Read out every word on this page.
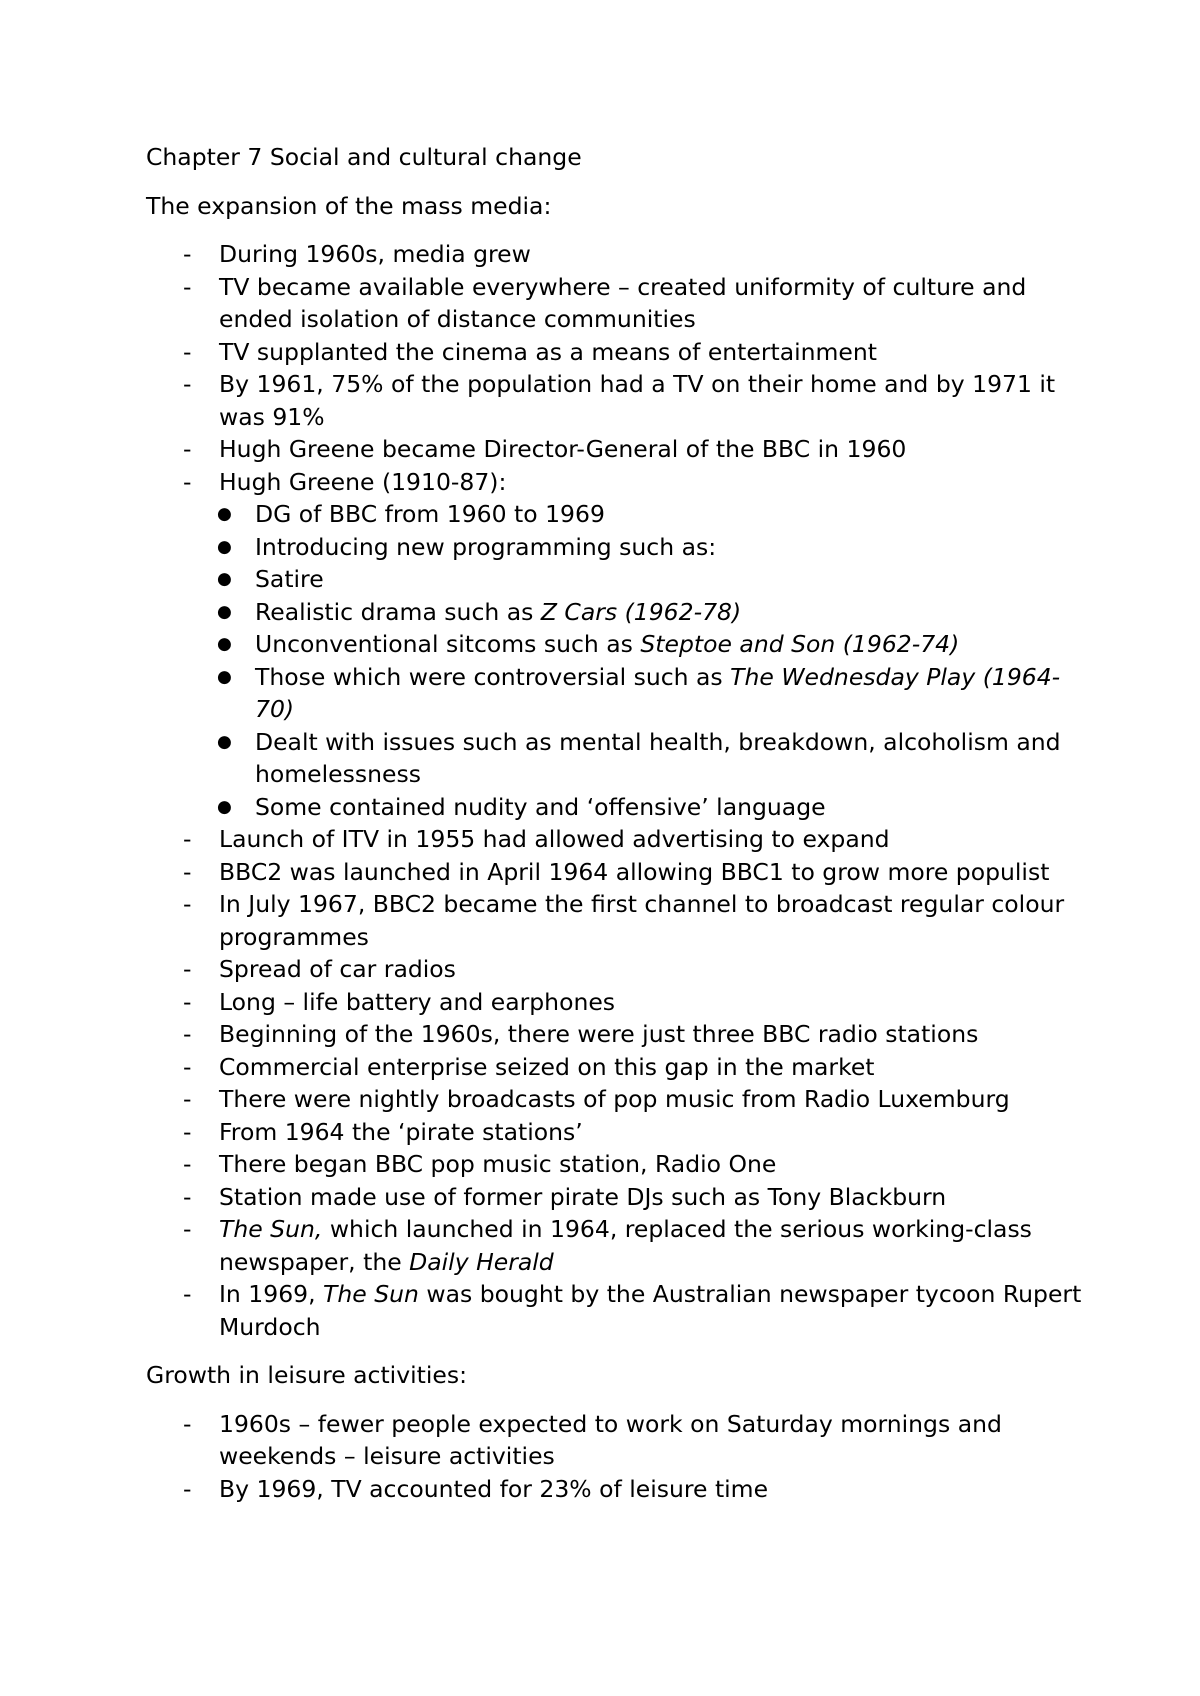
Chapter 7 Social and cultural change

The expansion of the mass media:

- During 1960s, media grew
- TV became available everywhere – created uniformity of culture and ended isolation of distance communities
- TV supplanted the cinema as a means of entertainment
- By 1961, 75% of the population had a TV on their home and by 1971 it was 91%
- Hugh Greene became Director-General of the BBC in 1960
- Hugh Greene (1910-87):
● DG of BBC from 1960 to 1969
● Introducing new programming such as:
● Satire
● Realistic drama such as Z Cars (1962-78)
● Unconventional sitcoms such as Steptoe and Son (1962-74)
● Those which were controversial such as The Wednesday Play (1964-70)
● Dealt with issues such as mental health, breakdown, alcoholism and homelessness
● Some contained nudity and ‘offensive’ language
- Launch of ITV in 1955 had allowed advertising to expand
- BBC2 was launched in April 1964 allowing BBC1 to grow more populist
- In July 1967, BBC2 became the first channel to broadcast regular colour programmes
- Spread of car radios
- Long – life battery and earphones
- Beginning of the 1960s, there were just three BBC radio stations
- Commercial enterprise seized on this gap in the market
- There were nightly broadcasts of pop music from Radio Luxemburg
- From 1964 the ‘pirate stations’
- There began BBC pop music station, Radio One
- Station made use of former pirate DJs such as Tony Blackburn
- The Sun, which launched in 1964, replaced the serious working-class newspaper, the Daily Herald
- In 1969, The Sun was bought by the Australian newspaper tycoon Rupert Murdoch

Growth in leisure activities:

- 1960s – fewer people expected to work on Saturday mornings and weekends – leisure activities
- By 1969, TV accounted for 23% of leisure time
